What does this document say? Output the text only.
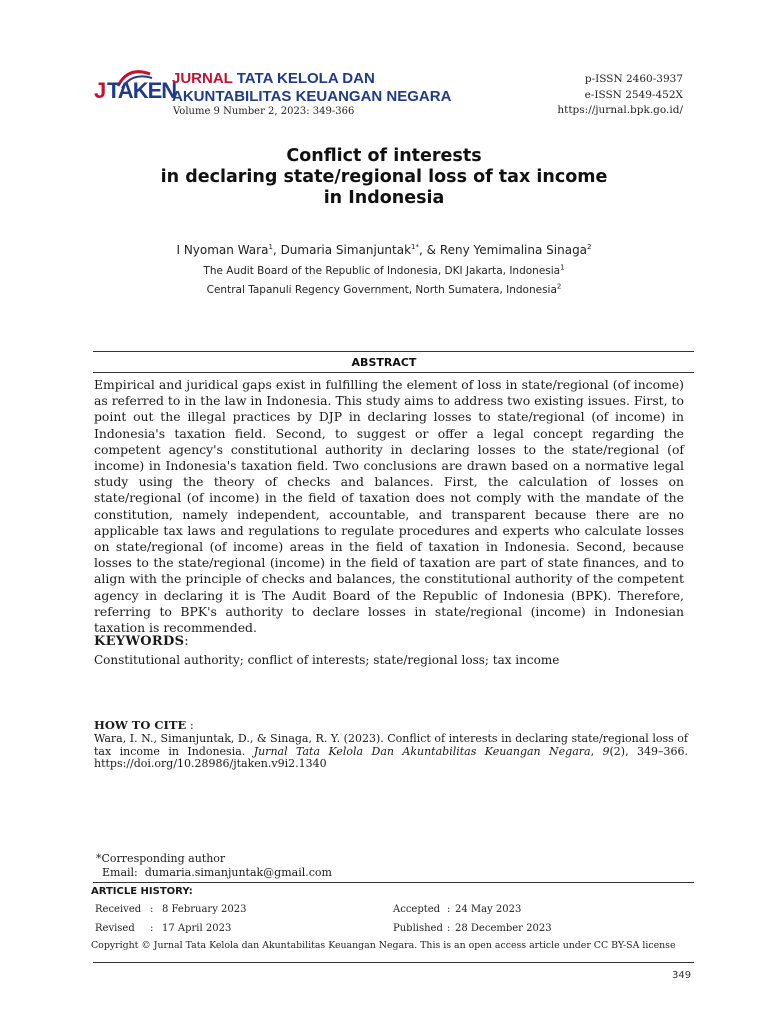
J TAKEN
JURNAL TATA KELOLA DAN
AKUNTABILITAS KEUANGAN NEGARA
Volume 9 Number 2, 2023: 349-366
p-ISSN 2460-3937
e-ISSN 2549-452X
https://jurnal.bpk.go.id/
Conflict of interests
in declaring state/regional loss of tax income
in Indonesia
I Nyoman Wara$^1$, Dumaria Simanjuntak$^{1*}$, & Reny Yemimalina Sinaga$^2$
The Audit Board of the Republic of Indonesia, DKI Jakarta, Indonesia$^1$
Central Tapanuli Regency Government, North Sumatera, Indonesia$^2$
ABSTRACT
Empirical and juridical gaps exist in fulfilling the element of loss in state/regional (of income) as referred to in the law in Indonesia. This study aims to address two existing issues. First, to point out the illegal practices by DJP in declaring losses to state/regional (of income) in Indonesia's taxation field. Second, to suggest or offer a legal concept regarding the competent agency's constitutional authority in declaring losses to the state/regional (of income) in Indonesia's taxation field. Two conclusions are drawn based on a normative legal study using the theory of checks and balances. First, the calculation of losses on state/regional (of income) in the field of taxation does not comply with the mandate of the constitution, namely independent, accountable, and transparent because there are no applicable tax laws and regulations to regulate procedures and experts who calculate losses on state/regional (of income) areas in the field of taxation in Indonesia. Second, because losses to the state/regional (income) in the field of taxation are part of state finances, and to align with the principle of checks and balances, the constitutional authority of the competent agency in declaring it is The Audit Board of the Republic of Indonesia (BPK). Therefore, referring to BPK's authority to declare losses in state/regional (income) in Indonesian taxation is recommended.
KEYWORDS:
Constitutional authority; conflict of interests; state/regional loss; tax income
HOW TO CITE :
Wara, I. N., Simanjuntak, D., & Sinaga, R. Y. (2023). Conflict of interests in declaring state/regional loss of tax income in Indonesia. Jurnal Tata Kelola Dan Akuntabilitas Keuangan Negara, 9(2), 349–366. https://doi.org/10.28986/jtaken.v9i2.1340
*Corresponding author
Email: dumaria.simanjuntak@gmail.com
ARTICLE HISTORY:
Received : 8 February 2023	Accepted : 24 May 2023
Revised : 17 April 2023	Published : 28 December 2023
Copyright © Jurnal Tata Kelola dan Akuntabilitas Keuangan Negara. This is an open access article under CC BY-SA license
349
